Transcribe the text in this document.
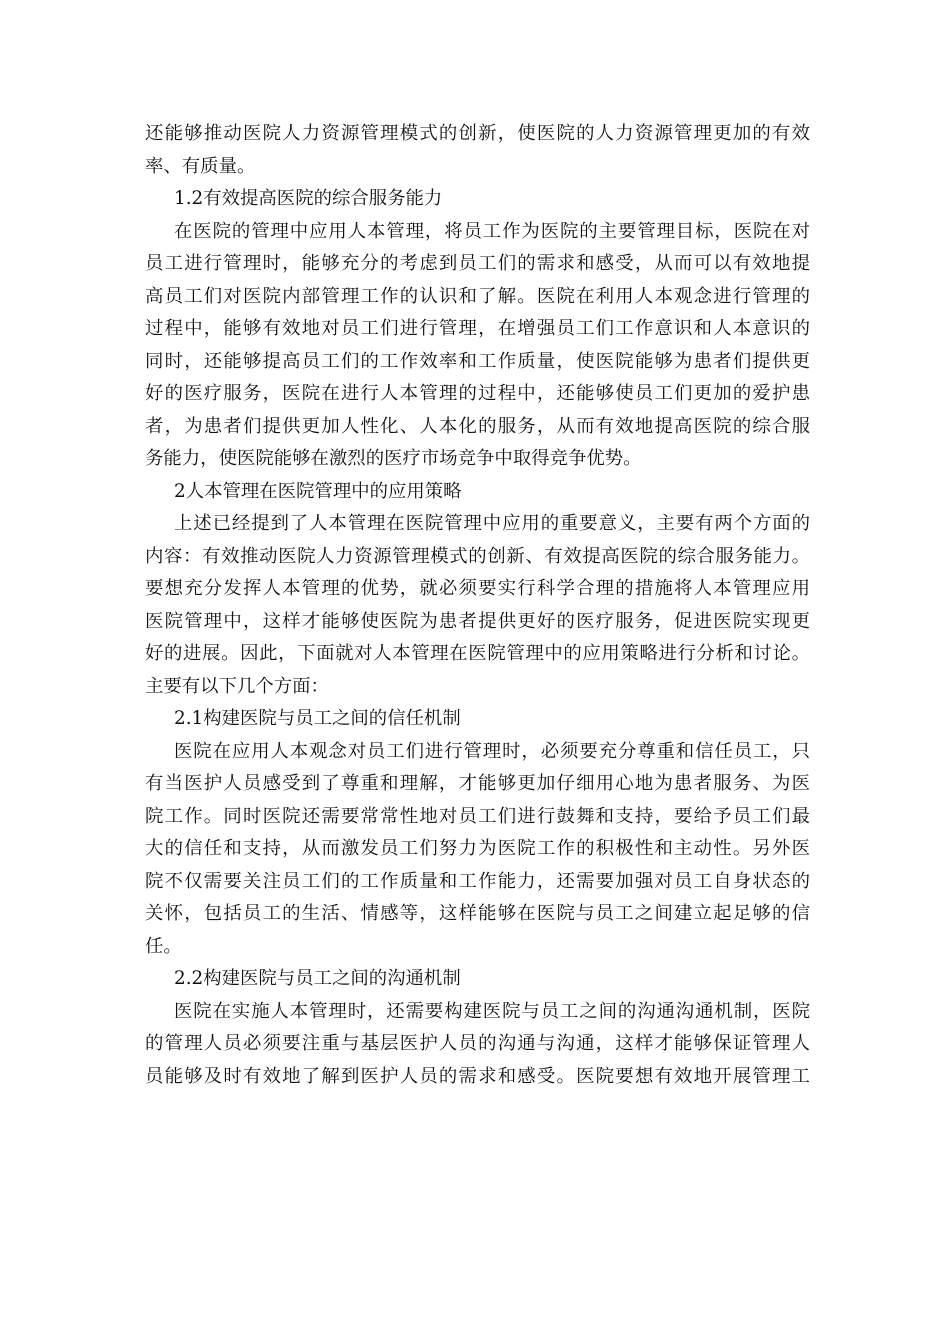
还能够推动医院人力资源管理模式的创新，使医院的人力资源管理更加的有效
率、有质量。
1.2有效提高医院的综合服务能力
在医院的管理中应用人本管理，将员工作为医院的主要管理目标，医院在对
员工进行管理时，能够充分的考虑到员工们的需求和感受，从而可以有效地提
高员工们对医院内部管理工作的认识和了解。医院在利用人本观念进行管理的
过程中，能够有效地对员工们进行管理，在增强员工们工作意识和人本意识的
同时，还能够提高员工们的工作效率和工作质量，使医院能够为患者们提供更
好的医疗服务，医院在进行人本管理的过程中，还能够使员工们更加的爱护患
者，为患者们提供更加人性化、人本化的服务，从而有效地提高医院的综合服
务能力，使医院能够在激烈的医疗市场竞争中取得竞争优势。
2人本管理在医院管理中的应用策略
上述已经提到了人本管理在医院管理中应用的重要意义，主要有两个方面的
内容：有效推动医院人力资源管理模式的创新、有效提高医院的综合服务能力。
要想充分发挥人本管理的优势，就必须要实行科学合理的措施将人本管理应用
医院管理中，这样才能够使医院为患者提供更好的医疗服务，促进医院实现更
好的进展。因此，下面就对人本管理在医院管理中的应用策略进行分析和讨论。
主要有以下几个方面：
2.1构建医院与员工之间的信任机制
医院在应用人本观念对员工们进行管理时，必须要充分尊重和信任员工，只
有当医护人员感受到了尊重和理解，才能够更加仔细用心地为患者服务、为医
院工作。同时医院还需要常常性地对员工们进行鼓舞和支持，要给予员工们最
大的信任和支持，从而激发员工们努力为医院工作的积极性和主动性。另外医
院不仅需要关注员工们的工作质量和工作能力，还需要加强对员工自身状态的
关怀，包括员工的生活、情感等，这样能够在医院与员工之间建立起足够的信
任。
2.2构建医院与员工之间的沟通机制
医院在实施人本管理时，还需要构建医院与员工之间的沟通沟通机制，医院
的管理人员必须要注重与基层医护人员的沟通与沟通，这样才能够保证管理人
员能够及时有效地了解到医护人员的需求和感受。医院要想有效地开展管理工
